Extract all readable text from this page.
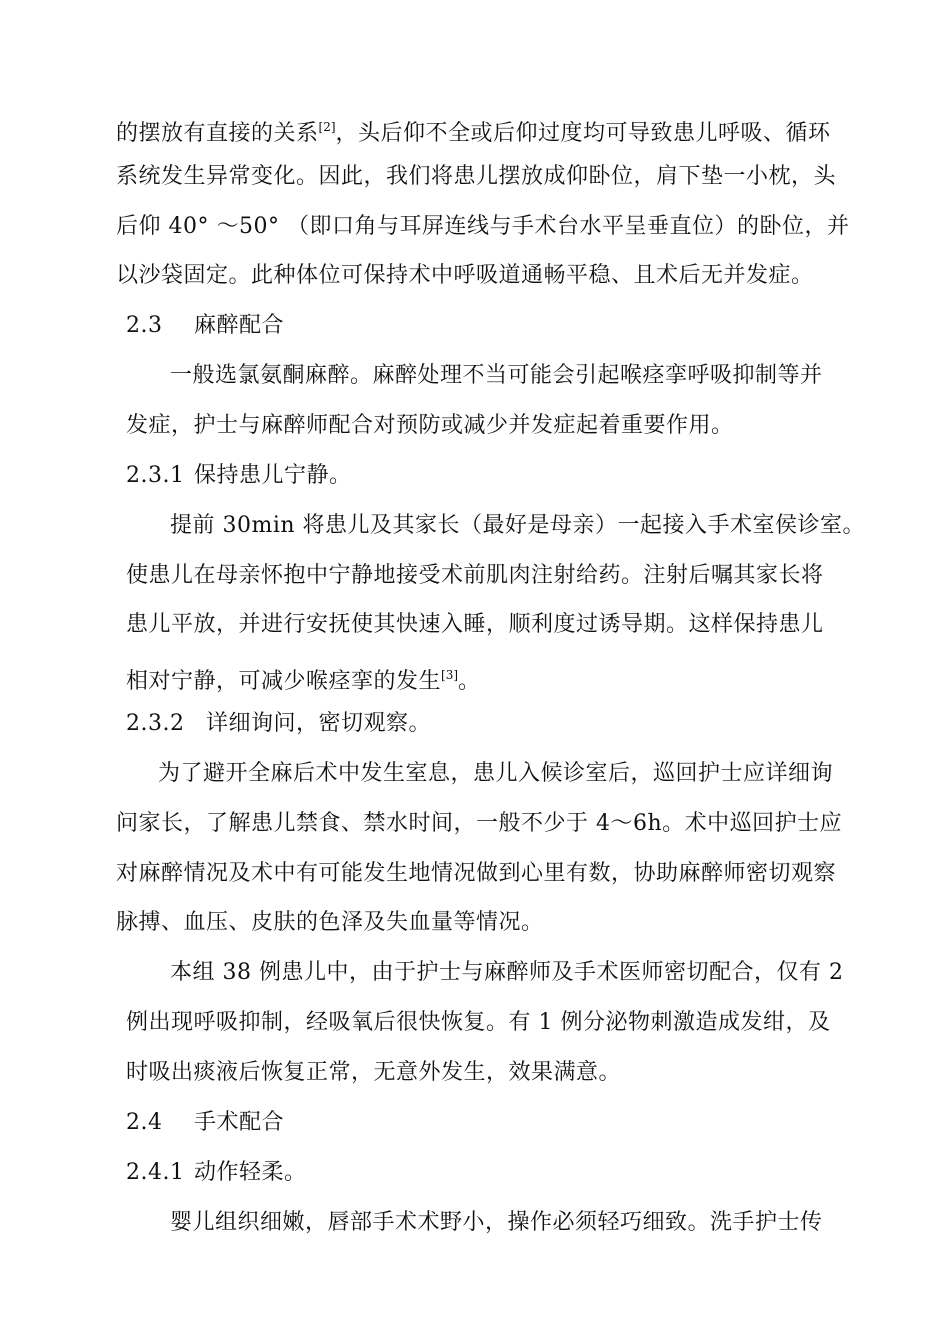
的摆放有直接的关系[2]，头后仰不全或后仰过度均可导致患儿呼吸、循环
系统发生异常变化。因此，我们将患儿摆放成仰卧位，肩下垫一小枕，头
后仰 40° ～50° （即口角与耳屏连线与手术台水平呈垂直位）的卧位，并
以沙袋固定。此种体位可保持术中呼吸道通畅平稳、且术后无并发症。
2.3 麻醉配合
一般选氯氨酮麻醉。麻醉处理不当可能会引起喉痉挛呼吸抑制等并
发症，护士与麻醉师配合对预防或减少并发症起着重要作用。
2.3.1 保持患儿宁静。
提前 30min 将患儿及其家长（最好是母亲）一起接入手术室侯诊室。
使患儿在母亲怀抱中宁静地接受术前肌肉注射给药。注射后嘱其家长将
患儿平放，并进行安抚使其快速入睡，顺利度过诱导期。这样保持患儿
相对宁静，可减少喉痉挛的发生[3]。
2.3.2 详细询问，密切观察。
为了避开全麻后术中发生室息，患儿入候诊室后，巡回护士应详细询
问家长，了解患儿禁食、禁水时间，一般不少于 4～6h。术中巡回护士应
对麻醉情况及术中有可能发生地情况做到心里有数，协助麻醉师密切观察
脉搏、血压、皮肤的色泽及失血量等情况。
本组 38 例患儿中，由于护士与麻醉师及手术医师密切配合，仅有 2
例出现呼吸抑制，经吸氧后很快恢复。有 1 例分泌物刺激造成发绀，及
时吸出痰液后恢复正常，无意外发生，效果满意。
2.4 手术配合
2.4.1 动作轻柔。
婴儿组织细嫩，唇部手术术野小，操作必须轻巧细致。洗手护士传
